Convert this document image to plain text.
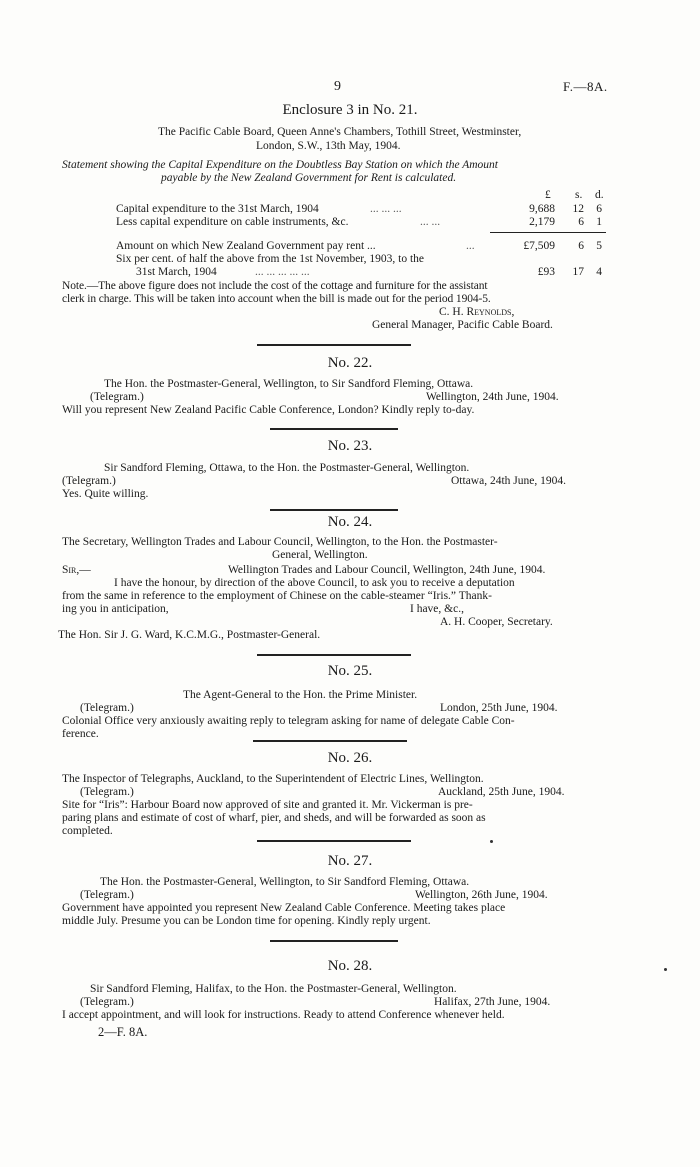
9	F.—8A.
Enclosure 3 in No. 21.
The Pacific Cable Board, Queen Anne's Chambers, Tothill Street, Westminster,
London, S.W., 13th May, 1904.
Statement showing the Capital Expenditure on the Doubtless Bay Station on which the Amount
payable by the New Zealand Government for Rent is calculated.
£ s. d.
Capital expenditure to the 31st March, 1904	... ... ...	9,688	12	6
Less capital expenditure on cable instruments, &c.	... ...	2,179	6	1
Amount on which New Zealand Government pay rent ...	...	£7,509	6	5
Six per cent. of half the above from the 1st November, 1903, to the
31st March, 1904	... ... ... ... ...	£93	17	4
Note.—The above figure does not include the cost of the cottage and furniture for the assistant
clerk in charge. This will be taken into account when the bill is made out for the period 1904-5.
C. H. Reynolds,
General Manager, Pacific Cable Board.
No. 22.
The Hon. the Postmaster-General, Wellington, to Sir Sandford Fleming, Ottawa.
(Telegram.)	Wellington, 24th June, 1904.
Will you represent New Zealand Pacific Cable Conference, London? Kindly reply to-day.
No. 23.
Sir Sandford Fleming, Ottawa, to the Hon. the Postmaster-General, Wellington.
(Telegram.)	Ottawa, 24th June, 1904.
Yes. Quite willing.
No. 24.
The Secretary, Wellington Trades and Labour Council, Wellington, to the Hon. the Postmaster-
General, Wellington.
Sir,—	Wellington Trades and Labour Council, Wellington, 24th June, 1904.
I have the honour, by direction of the above Council, to ask you to receive a deputation
from the same in reference to the employment of Chinese on the cable-steamer “Iris.” Thank-
ing you in anticipation,	I have, &c.,
A. H. Cooper, Secretary.
The Hon. Sir J. G. Ward, K.C.M.G., Postmaster-General.
No. 25.
The Agent-General to the Hon. the Prime Minister.
(Telegram.)	London, 25th June, 1904.
Colonial Office very anxiously awaiting reply to telegram asking for name of delegate Cable Con-
ference.
No. 26.
The Inspector of Telegraphs, Auckland, to the Superintendent of Electric Lines, Wellington.
(Telegram.)	Auckland, 25th June, 1904.
Site for “Iris”: Harbour Board now approved of site and granted it. Mr. Vickerman is pre-
paring plans and estimate of cost of wharf, pier, and sheds, and will be forwarded as soon as
completed.
No. 27.
The Hon. the Postmaster-General, Wellington, to Sir Sandford Fleming, Ottawa.
(Telegram.)	Wellington, 26th June, 1904.
Government have appointed you represent New Zealand Cable Conference. Meeting takes place
middle July. Presume you can be London time for opening. Kindly reply urgent.
No. 28.
Sir Sandford Fleming, Halifax, to the Hon. the Postmaster-General, Wellington.
(Telegram.)	Halifax, 27th June, 1904.
I accept appointment, and will look for instructions. Ready to attend Conference whenever held.
2—F. 8A.
